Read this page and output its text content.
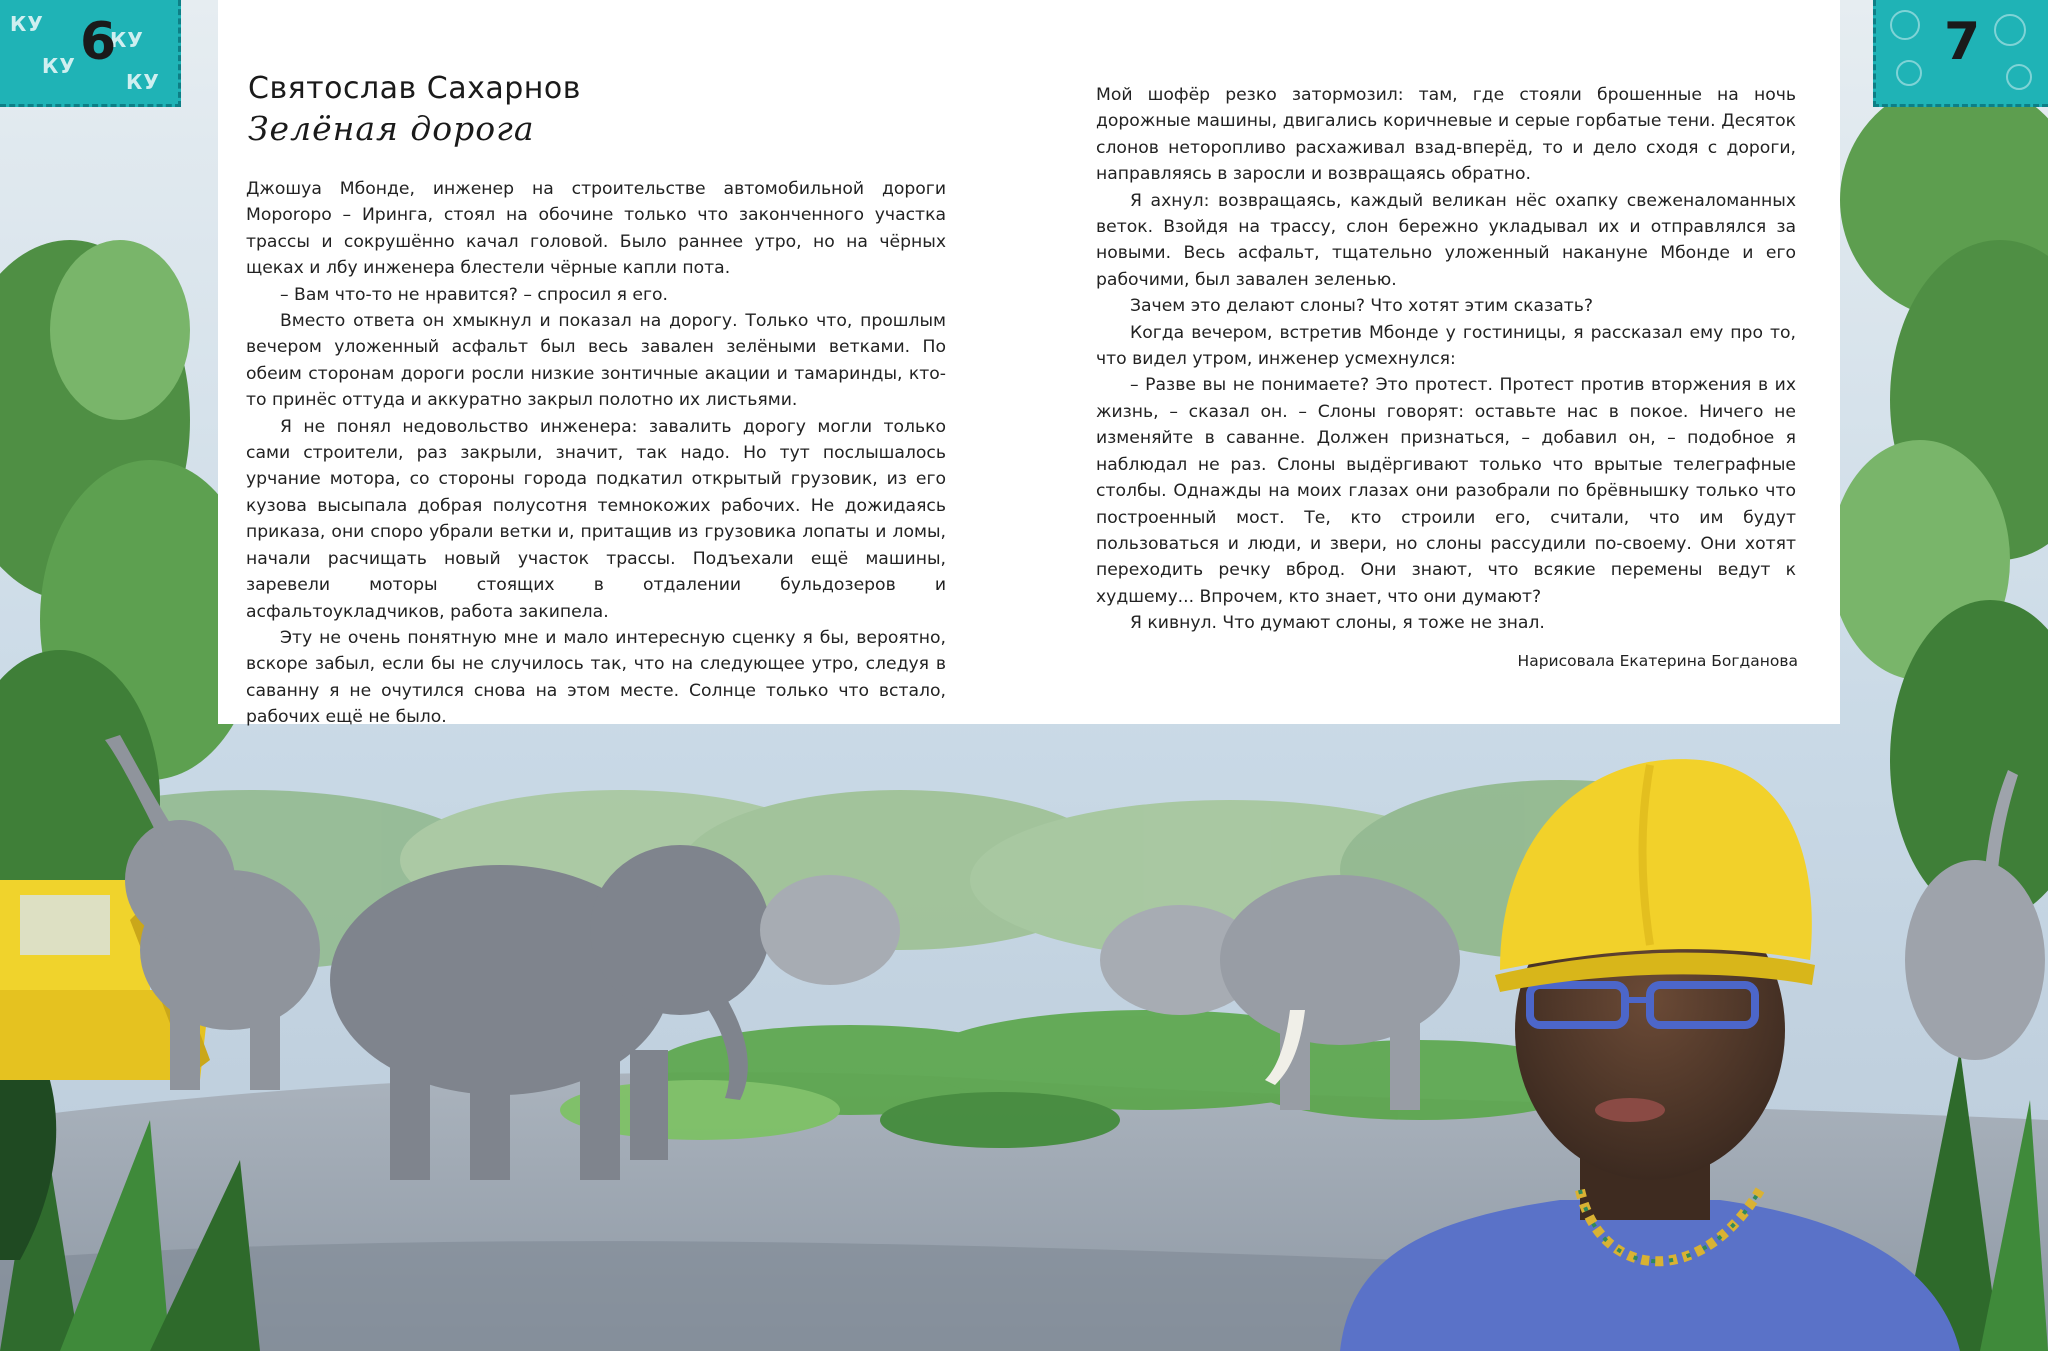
КУ
КУ
КУ
КУ
6	7
Святослав Сахарнов
Зелёная дорога

Джошуа Мбонде, инженер на строительстве автомобильной дороги Мороrоро – Иринга, стоял на обочине только что законченного участка трассы и сокрушённо качал головой. Было раннее утро, но на чёрных щеках и лбу инженера блестели чёрные капли пота.

– Вам что-то не нравится? – спросил я его.

Вместо ответа он хмыкнул и показал на дорогу. Только что, прошлым вечером уложенный асфальт был весь завален зелёными ветками. По обеим сторонам дороги росли низкие зонтичные акации и тамаринды, кто-то принёс оттуда и аккуратно закрыл полотно их листьями.

Я не понял недовольство инженера: завалить дорогу могли только сами строители, раз закрыли, значит, так надо. Но тут послышалось урчание мотора, со стороны города подкатил открытый грузовик, из его кузова высыпала добрая полусотня темнокожих рабочих. Не дожидаясь приказа, они споро убрали ветки и, притащив из грузовика лопаты и ломы, начали расчищать новый участок трассы. Подъехали ещё машины, заревели моторы стоящих в отдалении бульдозеров и асфальтоукладчиков, работа закипела.

Эту не очень понятную мне и мало интересную сценку я бы, вероятно, вскоре забыл, если бы не случилось так, что на следующее утро, следуя в саванну я не очутился снова на этом месте. Солнце только что встало, рабочих ещё не было.

Мой шофёр резко затормозил: там, где стояли брошенные на ночь дорожные машины, двигались коричневые и серые горбатые тени. Десяток слонов неторопливо расхаживал взад-вперёд, то и дело сходя с дороги, направляясь в заросли и возвращаясь обратно.

Я ахнул: возвращаясь, каждый великан нёс охапку свеженаломанных веток. Взойдя на трассу, слон бережно укладывал их и отправлялся за новыми. Весь асфальт, тщательно уложенный накануне Мбонде и его рабочими, был завален зеленью.

Зачем это делают слоны? Что хотят этим сказать?

Когда вечером, встретив Мбонде у гостиницы, я рассказал ему про то, что видел утром, инженер усмехнулся:

– Разве вы не понимаете? Это протест. Протест против вторжения в их жизнь, – сказал он. – Слоны говорят: оставьте нас в покое. Ничего не изменяйте в саванне. Должен признаться, – добавил он, – подобное я наблюдал не раз. Слоны выдёргивают только что врытые телеграфные столбы. Однажды на моих глазах они разобрали по брёвнышку только что построенный мост. Те, кто строили его, считали, что им будут пользоваться и люди, и звери, но слоны рассудили по-своему. Они хотят переходить речку вброд. Они знают, что всякие перемены ведут к худшему... Впрочем, кто знает, что они думают?

Я кивнул. Что думают слоны, я тоже не знал.

Нарисовала Екатерина Богданова
